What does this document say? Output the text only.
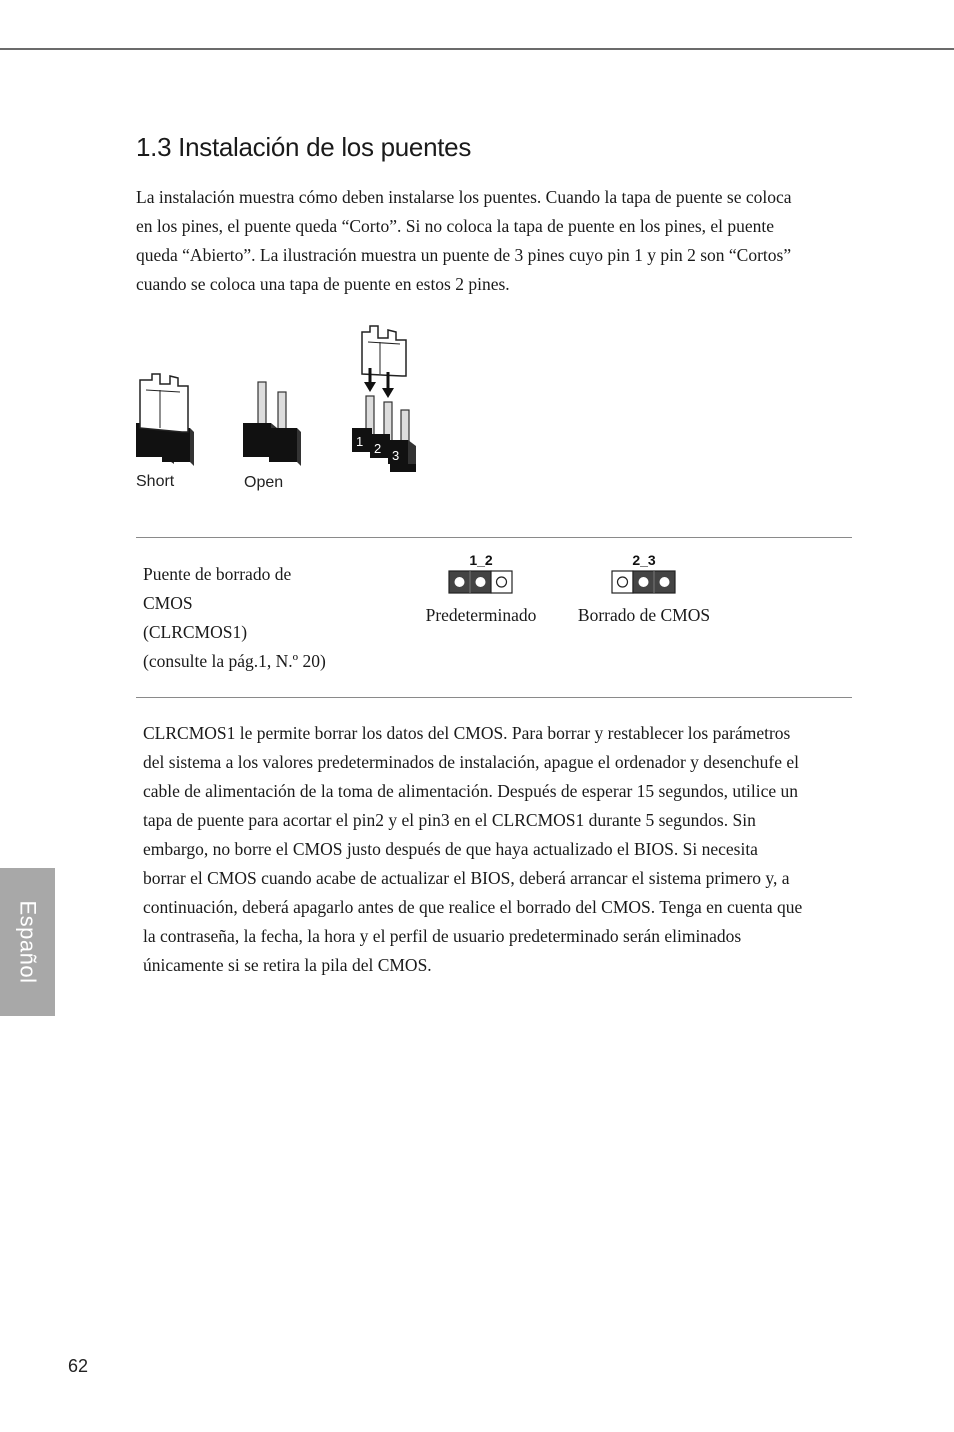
1.3 Instalación de los puentes

La instalación muestra cómo deben instalarse los puentes. Cuando la tapa de puente se coloca en los pines, el puente queda “Corto”. Si no coloca la tapa de puente en los pines, el puente queda “Abierto”. La ilustración muestra un puente de 3 pines cuyo pin 1 y pin 2 son “Cortos” cuando se coloca una tapa de puente en estos 2 pines.

Short	Open
1 2 3
Puente de borrado de
CMOS
(CLRCMOS1)
(consulte la pág.1, N.º 20)
1_2
Predeterminado
2_3
Borrado de CMOS

CLRCMOS1 le permite borrar los datos del CMOS. Para borrar y restablecer los parámetros del sistema a los valores predeterminados de instalación, apague el ordenador y desenchufe el cable de alimentación de la toma de alimentación. Después de esperar 15 segundos, utilice un tapa de puente para acortar el pin2 y el pin3 en el CLRCMOS1 durante 5 segundos. Sin embargo, no borre el CMOS justo después de que haya actualizado el BIOS. Si necesita borrar el CMOS cuando acabe de actualizar el BIOS, deberá arrancar el sistema primero y, a continuación, deberá apagarlo antes de que realice el borrado del CMOS. Tenga en cuenta que la contraseña, la fecha, la hora y el perfil de usuario predeterminado serán eliminados únicamente si se retira la pila del CMOS.

Español
62
